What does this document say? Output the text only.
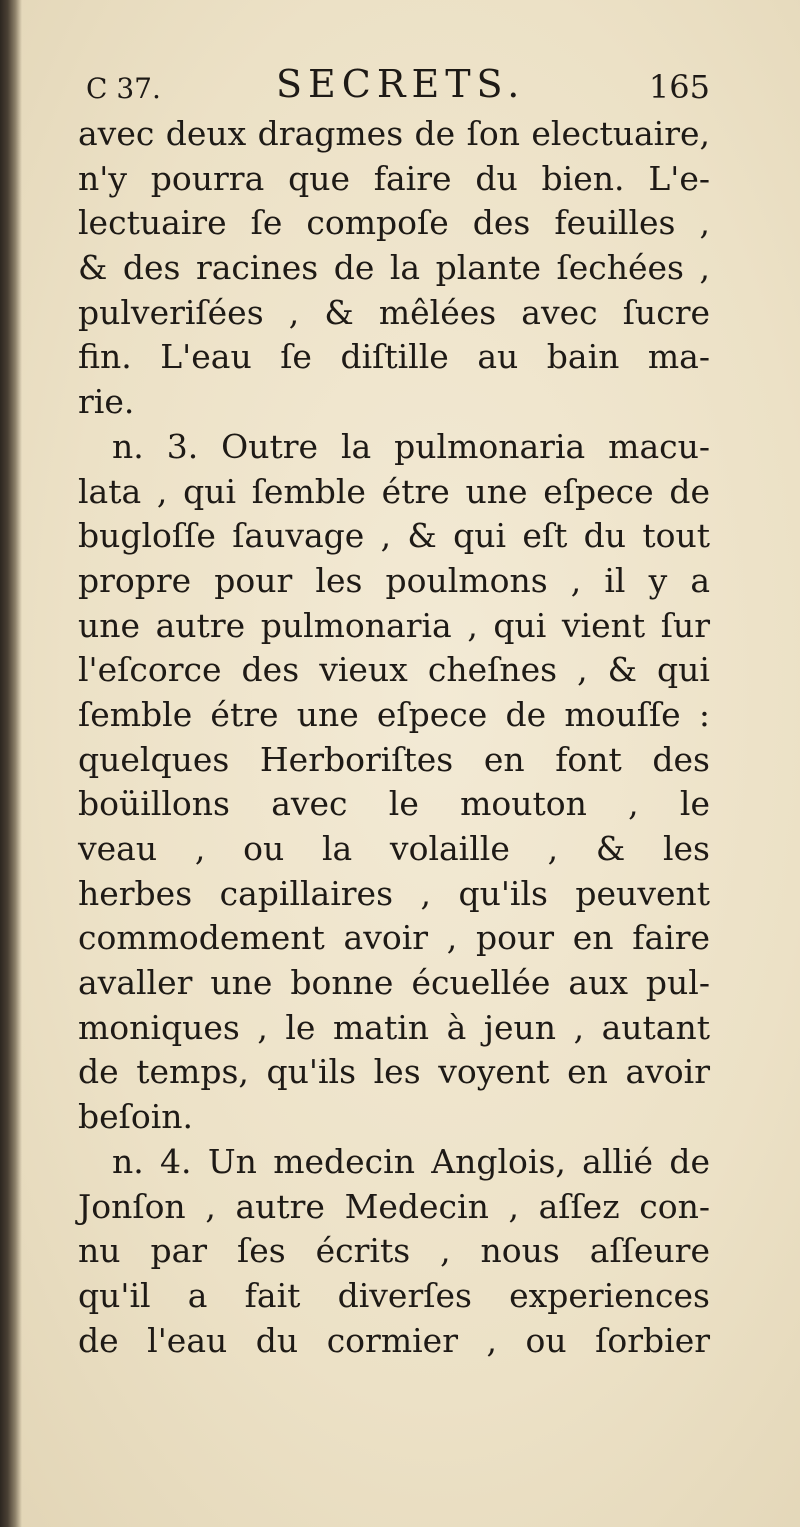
C 37.	SECRETS.	165
avec deux dragmes de ſon electuaire,
n'y pourra que faire du bien. L'e-
lectuaire ſe compoſe des feuilles ,
& des racines de la plante ſechées ,
pulveriſées , & mêlées avec ſucre
fin. L'eau ſe diſtille au bain ma-
rie.
n. 3. Outre la pulmonaria macu-
lata , qui ſemble étre une eſpece de
bugloſſe ſauvage , & qui eſt du tout
propre pour les poulmons , il y a
une autre pulmonaria , qui vient ſur
l'eſcorce des vieux cheſnes , & qui
ſemble étre une eſpece de mouſſe :
quelques Herboriſtes en font des
boüillons avec le mouton , le
veau , ou la volaille , & les
herbes capillaires , qu'ils peuvent
commodement avoir , pour en faire
avaller une bonne écuellée aux pul-
moniques , le matin à jeun , autant
de temps, qu'ils les voyent en avoir
beſoin.
n. 4. Un medecin Anglois, allié de
Jonſon , autre Medecin , aſſez con-
nu par ſes écrits , nous aſſeure
qu'il a fait diverſes experiences
de l'eau du cormier , ou ſorbier
